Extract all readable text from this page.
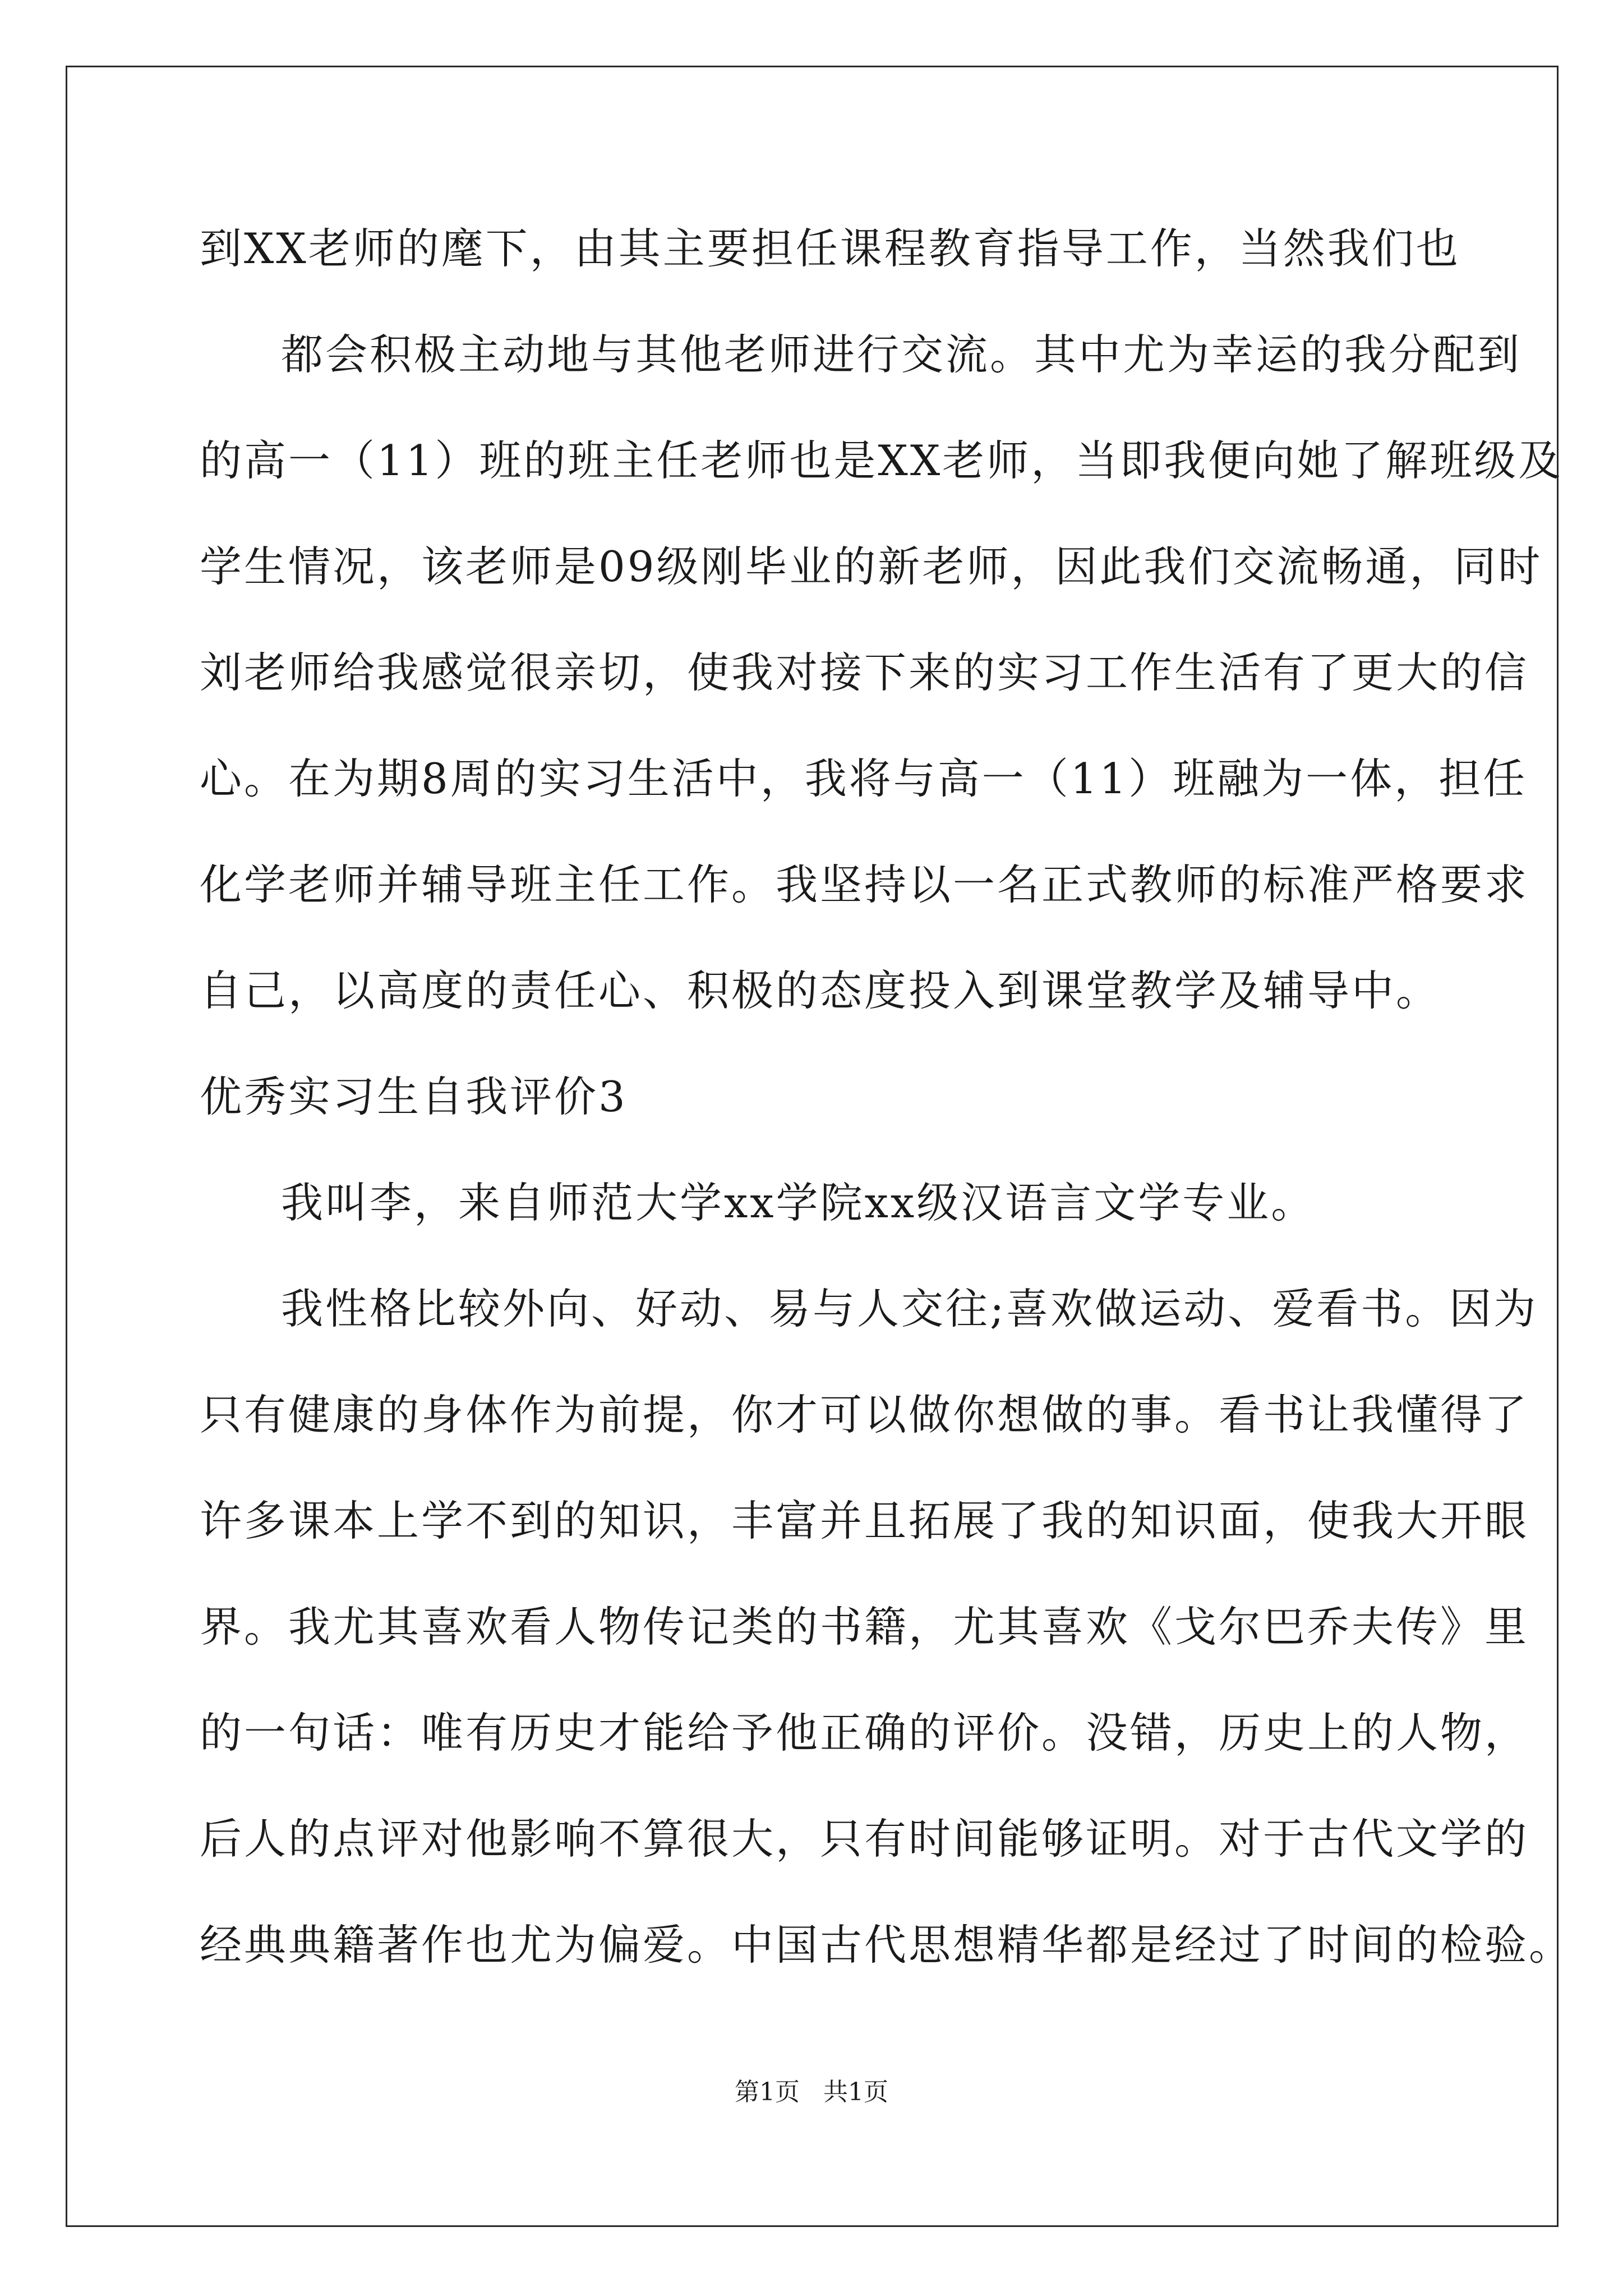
到XX老师的麾下，由其主要担任课程教育指导工作，当然我们也
都会积极主动地与其他老师进行交流。其中尤为幸运的我分配到
的高一（11）班的班主任老师也是XX老师，当即我便向她了解班级及
学生情况，该老师是09级刚毕业的新老师，因此我们交流畅通，同时
刘老师给我感觉很亲切，使我对接下来的实习工作生活有了更大的信
心。在为期8周的实习生活中，我将与高一（11）班融为一体，担任
化学老师并辅导班主任工作。我坚持以一名正式教师的标准严格要求
自己，以高度的责任心、积极的态度投入到课堂教学及辅导中。
优秀实习生自我评价3
我叫李，来自师范大学xx学院xx级汉语言文学专业。
我性格比较外向、好动、易与人交往;喜欢做运动、爱看书。因为
只有健康的身体作为前提，你才可以做你想做的事。看书让我懂得了
许多课本上学不到的知识，丰富并且拓展了我的知识面，使我大开眼
界。我尤其喜欢看人物传记类的书籍，尤其喜欢《戈尔巴乔夫传》里
的一句话：唯有历史才能给予他正确的评价。没错，历史上的人物，
后人的点评对他影响不算很大，只有时间能够证明。对于古代文学的
经典典籍著作也尤为偏爱。中国古代思想精华都是经过了时间的检验。
第1页   共1页
